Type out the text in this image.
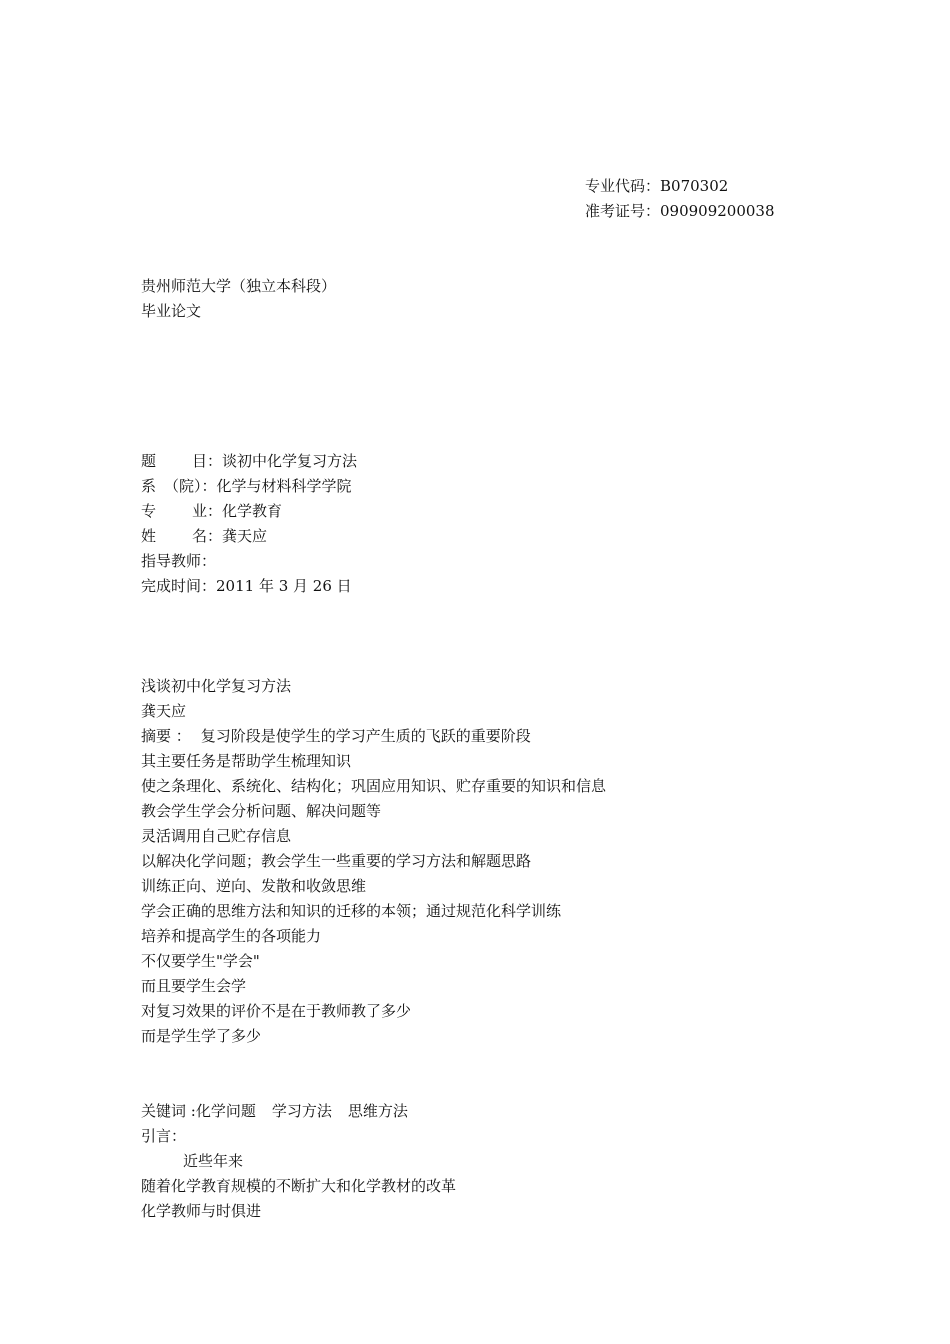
专业代码：B070302
准考证号：090909200038
贵州师范大学（独立本科段）
毕业论文
题 目：谈初中化学复习方法
系 （院）：化学与材料科学学院
专 业：化学教育
姓 名：龚天应
指导教师：
完成时间：2011 年 3 月 26 日
浅谈初中化学复习方法
龚天应
摘要 ： 复习阶段是使学生的学习产生质的飞跃的重要阶段
其主要任务是帮助学生梳理知识
使之条理化、系统化、结构化；巩固应用知识、贮存重要的知识和信息
教会学生学会分析问题、解决问题等
灵活调用自己贮存信息
以解决化学问题；教会学生一些重要的学习方法和解题思路
训练正向、逆向、发散和收敛思维
学会正确的思维方法和知识的迁移的本领；通过规范化科学训练
培养和提高学生的各项能力
不仅要学生"学会"
而且要学生会学
对复习效果的评价不是在于教师教了多少
而是学生学了多少
关键词 :化学问题 学习方法 思维方法
引言：
近些年来
随着化学教育规模的不断扩大和化学教材的改革
化学教师与时俱进
